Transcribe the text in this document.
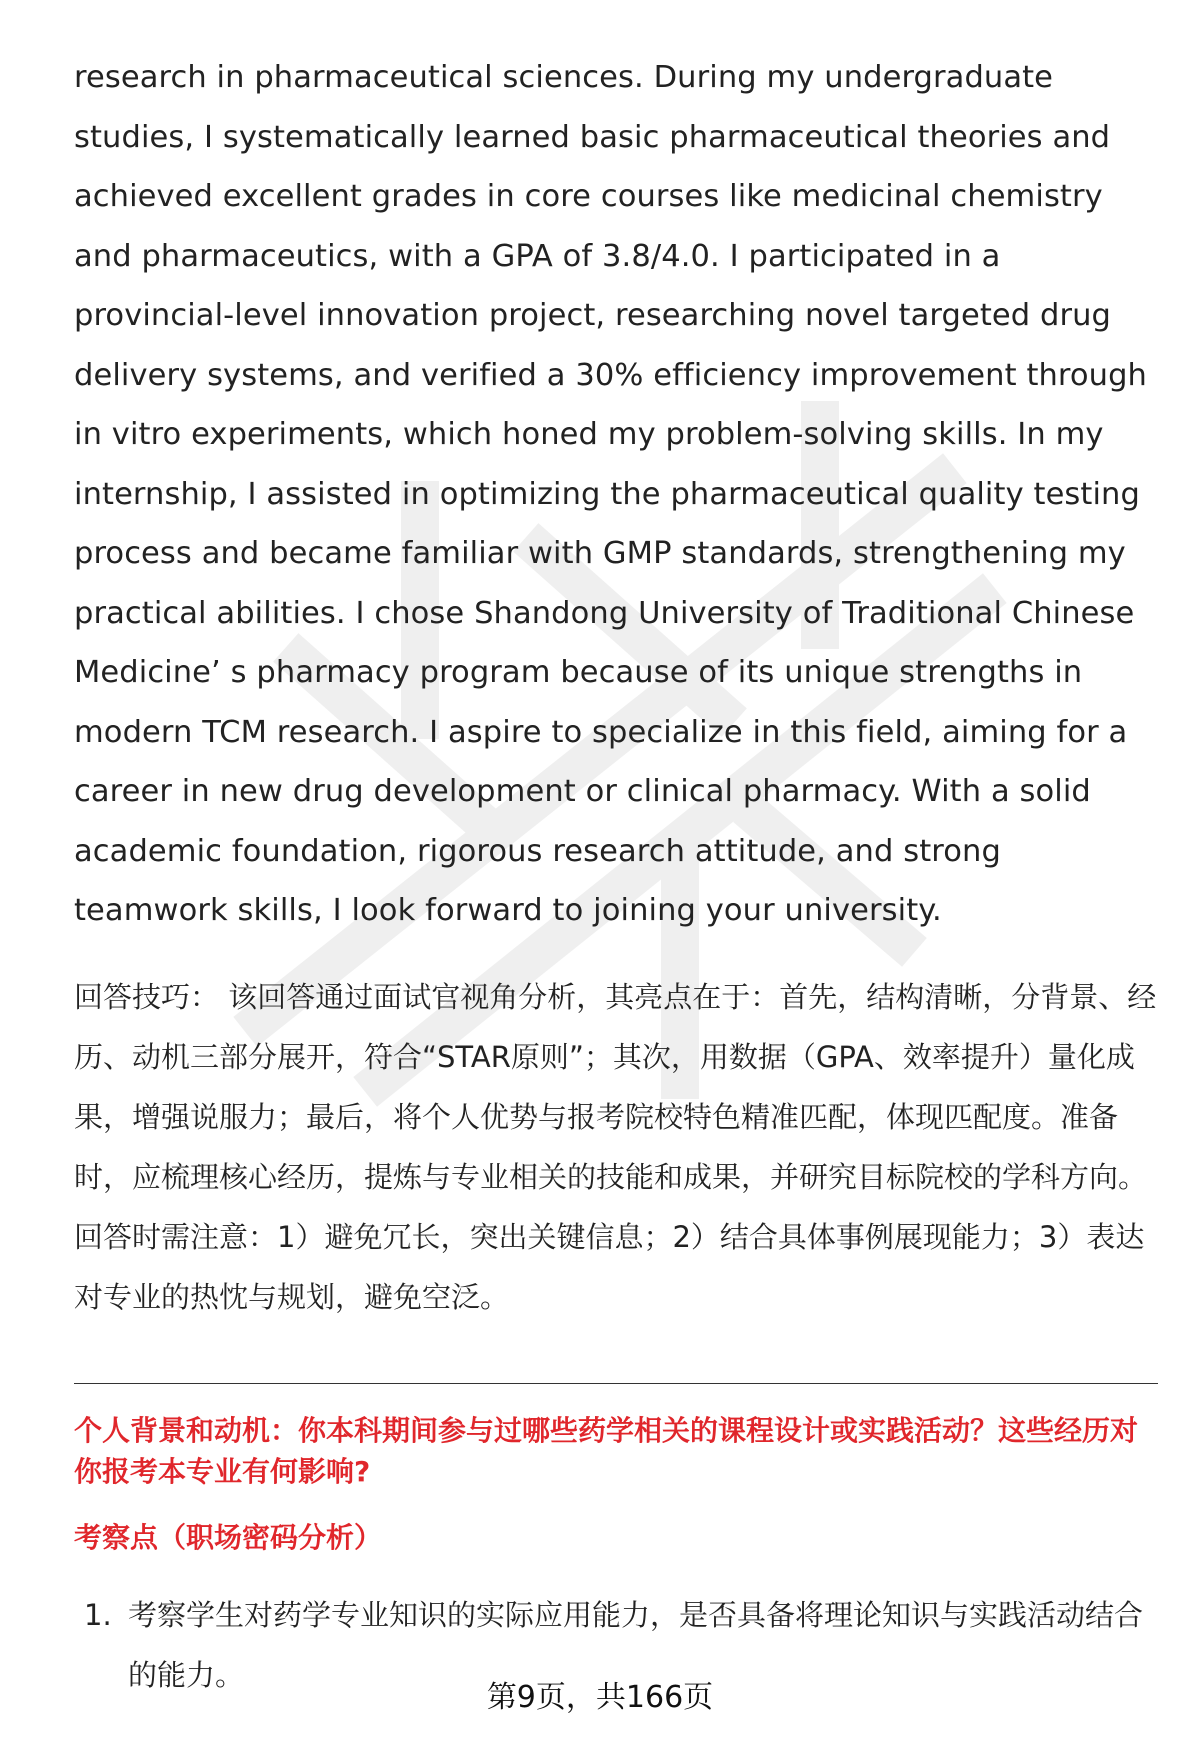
research in pharmaceutical sciences. During my undergraduate studies, I systematically learned basic pharmaceutical theories and achieved excellent grades in core courses like medicinal chemistry and pharmaceutics, with a GPA of 3.8/4.0. I participated in a provincial-level innovation project, researching novel targeted drug delivery systems, and verified a 30% efficiency improvement through in vitro experiments, which honed my problem-solving skills. In my internship, I assisted in optimizing the pharmaceutical quality testing process and became familiar with GMP standards, strengthening my practical abilities. I chose Shandong University of Traditional Chinese Medicine’ s pharmacy program because of its unique strengths in modern TCM research. I aspire to specialize in this field, aiming for a career in new drug development or clinical pharmacy. With a solid academic foundation, rigorous research attitude, and strong teamwork skills, I look forward to joining your university.

回答技巧： 该回答通过面试官视角分析，其亮点在于：首先，结构清晰，分背景、经历、动机三部分展开，符合“STAR原则”；其次，用数据（GPA、效率提升）量化成果，增强说服力；最后，将个人优势与报考院校特色精准匹配，体现匹配度。准备时，应梳理核心经历，提炼与专业相关的技能和成果，并研究目标院校的学科方向。回答时需注意：1）避免冗长，突出关键信息；2）结合具体事例展现能力；3）表达对专业的热忱与规划，避免空泛。

个人背景和动机：你本科期间参与过哪些药学相关的课程设计或实践活动？这些经历对你报考本专业有何影响?
考察点（职场密码分析）
1. 考察学生对药学专业知识的实际应用能力，是否具备将理论知识与实践活动结合的能力。
第9页，共166页
